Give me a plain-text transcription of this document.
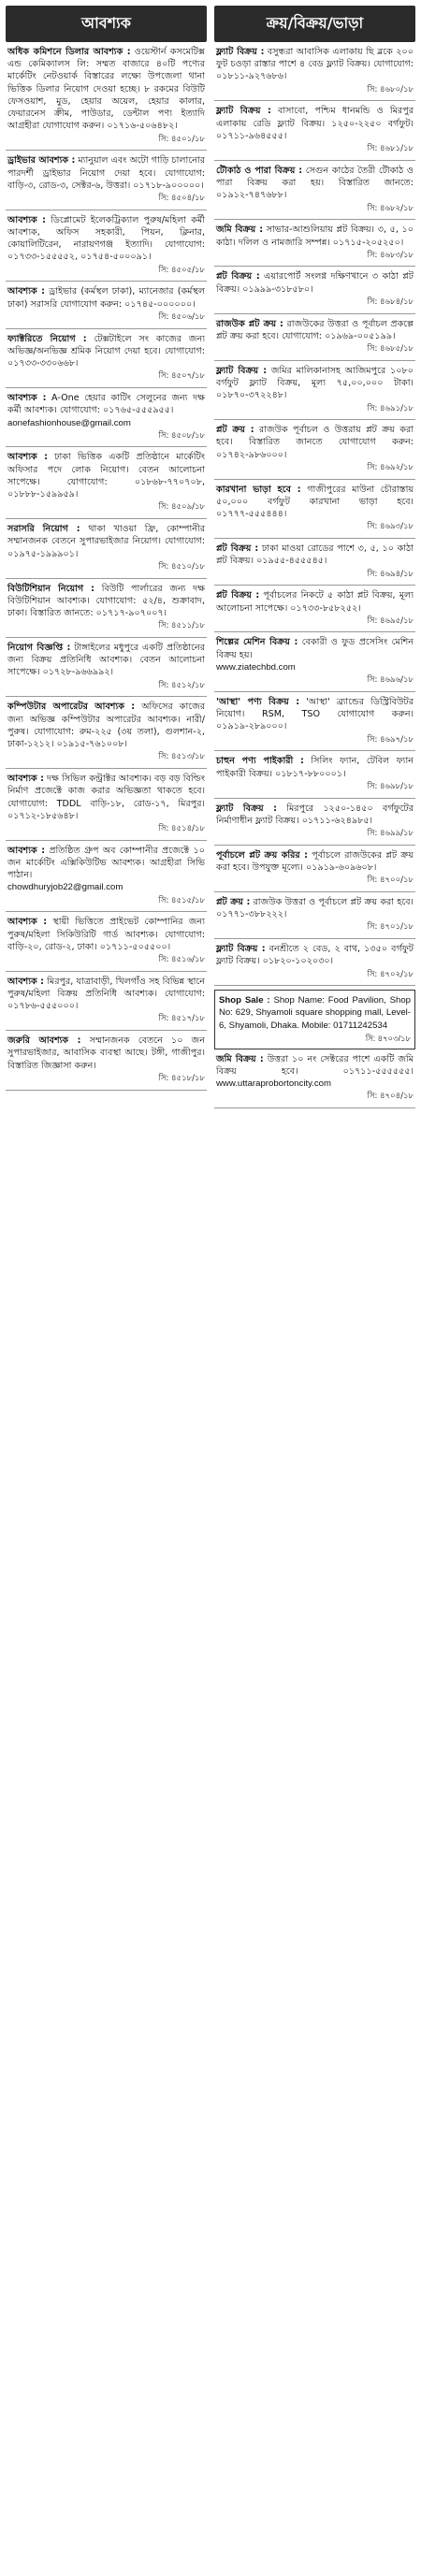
আবশ্যক
অধিক কমিশনে ডিলার আবশ্যক : ওয়েস্টার্ন কসমেটিক্স এন্ড কেমিক্যালস লি: সম্মত বাজারে ৪০টি পণ্যের মার্কেটিং নেটওয়ার্ক বিস্তারের লক্ষ্যে উপজেলা থানা ভিত্তিক ডিলার নিয়োগ দেওয়া হচ্ছে। ৮ রকমের বিউটি ফেসওয়াশ, মুড, হেয়ার অয়েল, হেয়ার কালার, ফেয়ারনেস ক্রীম, পাউডার, ডেন্টাল পণ্য ইত্যাদি আগ্রহীরা যোগাযোগ করুন। ০১৭১৬-৫০৬৪৮২।
সি: ৪৫০১/১৮
ড্রাইভার আবশ্যক : ম্যানুয়াল এবং অটো গাড়ি চালানোর পারদর্শী ড্রাইভার নিয়োগ দেয়া হবে। যোগাযোগ: বাড়ি-৩, রোড-৩, সেক্টর-৬, উত্তরা। ০১৭১৮-৯০০০০০।
সি: ৪৫০৪/১৮
আবশ্যক : ডিপ্লোমেট ইলেকট্রিক্যাল পুরুষ/মহিলা কর্মী আবশ্যক, অফিস সহকারী, পিয়ন, ক্লিনার, কোয়ালিটিরেন, নারায়ণগঞ্জ ইত্যাদি। যোগাযোগ: ০১৭৩৩-১৫৫৫৫২, ০১৭৫৪-৫০০০৯১।
সি: ৪৫০৫/১৮
আবশ্যক : ড্রাইভার (কর্মস্থল ঢাকা), ম্যানেজার (কর্মস্থল ঢাকা) সরাসরি যোগাযোগ করুন: ০১৭৪৫-০০০০০০।
সি: ৪৫০৬/১৮
ফ্যাক্টরিতে নিয়োগ : টেক্সটাইলে সং কাজের জন্য অভিজ্ঞ/অনভিজ্ঞ শ্রমিক নিয়োগ দেয়া হবে। যোগাযোগ: ০১৭৩৩-৩৩০৬৬৮।
সি: ৪৫০৭/১৮
আবশ্যক : A-One হেয়ার কাটিং সেলুনের জন্য দক্ষ কর্মী আবশ্যক। যোগাযোগ: ০১৭৬৫-৫৫৫৯৫৫।
aonefashionhouse@gmail.com
সি: ৪৫০৮/১৮
আবশ্যক : ঢাকা ভিত্তিক একটি প্রতিষ্ঠানে মার্কেটিং অফিসার পদে লোক নিয়োগ। বেতন আলোচনা সাপেক্ষে। যোগাযোগ: ০১৮৬৮-৭৭০৭০৮, ০১৮৮৮-১৫৯৯৫৯।
সি: ৪৫০৯/১৮
সরাসরি নিয়োগ : থাকা খাওয়া ফ্রি, কোম্পানীর সম্মানজনক বেতনে সুপারভাইজার নিয়োগ। যোগাযোগ: ০১৯৭৫-১৯৯৯০১।
সি: ৪৫১০/১৮
বিউটিশিয়ান নিয়োগ : বিউটি পার্লারের জন্য দক্ষ বিউটিশিয়ান আবশ্যক। যোগাযোগ: ৫২/৪, শুক্রাবাদ, ঢাকা। বিস্তারিত জানতে: ০১৭১৭-৯০৭০০৭।
সি: ৪৫১১/১৮
নিয়োগ বিজ্ঞপ্তি : টাঙ্গাইলের মধুপুরে একটি প্রতিষ্ঠানের জন্য বিক্রয় প্রতিনিধি আবশ্যক। বেতন আলোচনা সাপেক্ষে। ০১৭২৮-৯৬৬৯৯২।
সি: ৪৫১২/১৮
কম্পিউটার অপারেটর আবশ্যক : অফিসের কাজের জন্য অভিজ্ঞ কম্পিউটার অপারেটর আবশ্যক। নারী/পুরুষ। যোগাযোগ: রুম-২২৫ (৩য় তলা), গুলশান-২, ঢাকা-১২১২। ০১৯১৫-৭৬১০০৮।
সি: ৪৫১৩/১৮
আবশ্যক : দক্ষ সিভিল কন্ট্রাক্টর আবশ্যক। বড় বড় বিল্ডিং নির্মাণ প্রজেক্টে কাজ করার অভিজ্ঞতা থাকতে হবে। যোগাযোগ: TDDL বাড়ি-১৮, রোড-১৭, মিরপুর। ০১৭১২-১৮৫৬৪৮।
সি: ৪৫১৪/১৮
আবশ্যক : প্রতিষ্ঠিত গ্রুপ অব কোম্পানীর প্রজেক্টে ১০ জন মার্কেটিং এক্সিকিউটিভ আবশ্যক। আগ্রহীরা সিভি পাঠান।
chowdhuryjob22@gmail.com
সি: ৪৫১৫/১৮
আবশ্যক : স্থায়ী ভিত্তিতে প্রাইভেট কোম্পানির জন্য পুরুষ/মহিলা সিকিউরিটি গার্ড আবশ্যক। যোগাযোগ: বাড়ি-২০, রোড-২, ঢাকা। ০১৭১১-৫০৫৫০০।
সি: ৪৫১৬/১৮
আবশ্যক : মিরপুর, যাত্রাবাড়ী, খিলগাঁও সহ বিভিন্ন স্থানে পুরুষ/মহিলা বিক্রয় প্রতিনিধি আবশ্যক। যোগাযোগ: ০১৭৮৬-৫৫৫০০০।
সি: ৪৫১৭/১৮
জরুরি আবশ্যক : সম্মানজনক বেতনে ১০ জন সুপারভাইজার, আবাসিক ব্যবস্থা আছে। টঙ্গী, গাজীপুর। বিস্তারিত জিজ্ঞাসা করুন।
সি: ৪৫১৮/১৮
ক্রয়/বিক্রয়/ভাড়া
ফ্ল্যাট বিক্রয় : বসুন্ধরা আবাসিক এলাকায় ছি ব্লকে ২০০ ফুট চওড়া রাস্তার পাশে ৪ বেড ফ্ল্যাট বিক্রয়। যোগাযোগ: ০১৮১১-৯২৭৬৮৬।
সি: ৪৬৮০/১৮
ফ্ল্যাট বিক্রয় : বাসাবো, পশ্চিম ধানমন্ডি ও মিরপুর এলাকায় রেডি ফ্ল্যাট বিক্রয়। ১২৫০-২২৫০ বর্গফুট। ০১৭১১-৯৬৪৫৫৫।
সি: ৪৬৮১/১৮
টৌকাঠ ও পারা বিক্রয় : সেগুন কাঠের তৈরী টৌকাঠ ও পারা বিক্রয় করা হয়। বিস্তারিত জানতে: ০১৯১২-৭৪৭৬৮৮।
সি: ৪৬৮২/১৮
জমি বিক্রয় : সাভার-আশুলিয়ায় প্লট বিক্রয়। ৩, ৫, ১০ কাঠা। দলিল ও নামজারি সম্পন্ন। ০১৭১৫-২০৫২৫০।
সি: ৪৬৮৩/১৮
প্লট বিক্রয় : এয়ারপোর্ট সংলগ্ন দক্ষিণখানে ৩ কাঠা প্লট বিক্রয়। ০১৯৯৯-৩১৮৫৮০।
সি: ৪৬৮৪/১৮
রাজউক প্লট ক্রয় : রাজউকের উত্তরা ও পূর্বাচল প্রকল্পে প্লট ক্রয় করা হবে। যোগাযোগ: ০১৯৬৯-০০৫১৯৯।
সি: ৪৬৮৫/১৮
ফ্ল্যাট বিক্রয় : জমির মালিকানাসহ আজিমপুরে ১০৮০ বর্গফুট ফ্ল্যাট বিক্রয়, মূল্য ৭৫,০০,০০০ টাকা। ০১৮৭০-৩৭২২৪৮।
সি: ৪৬৯১/১৮
প্লট ক্রয় : রাজউক পূর্বাচল ও উত্তরায় প্লট ক্রয় করা হবে। বিস্তারিত জানতে যোগাযোগ করুন: ০১৭৪২-৯৮৬০০০।
সি: ৪৬৯২/১৮
কারখানা ভাড়া হবে : গাজীপুরের মাউনা চৌরাস্তায় ৫০,০০০ বর্গফুট কারখানা ভাড়া হবে। ০১৭৭৭-৫৫৫৪৪৪।
সি: ৪৬৯৩/১৮
প্লট বিক্রয় : ঢাকা মাওয়া রোডের পাশে ৩, ৫, ১০ কাঠা প্লট বিক্রয়। ০১৯৫৫-৪৫৫৫৪৫।
সি: ৪৬৯৪/১৮
প্লট বিক্রয় : পূর্বাচলের নিকটে ৫ কাঠা প্লট বিক্রয়, মূল্য আলোচনা সাপেক্ষে। ০১৭৩৩-৮৫৮২৫২।
সি: ৪৬৯৫/১৮
শিল্পের মেশিন বিক্রয় : বেকারী ও ফুড প্রসেসিং মেশিন বিক্রয় হয়।
www.ziatechbd.com
সি: ৪৬৯৬/১৮
'আস্থা' পণ্য বিক্রয় : 'আস্থা' ব্র্যান্ডের ডিস্ট্রিবিউটর নিয়োগ। RSM, TSO যোগাযোগ করুন। ০১৯১৯-২৮৯০০০।
সি: ৪৬৯৭/১৮
চাহুন পণ্য পাইকারী : সিলিং ফ্যান, টেবিল ফ্যান পাইকারী বিক্রয়। ০১৮১৭-৮৮০০০১।
সি: ৪৬৯৮/১৮
ফ্ল্যাট বিক্রয় : মিরপুরে ১২৫০-১৪৫০ বর্গফুটের নির্মাণাধীন ফ্ল্যাট বিক্রয়। ০১৭১১-৬২৪৯৮৫।
সি: ৪৬৯৯/১৮
পূর্বাচলে প্লট ক্রয় করির : পূর্বাচলে রাজউকের প্লট ক্রয় করা হবে। উপযুক্ত মূল্যে। ০১৯১৯-৬০৯৬০৮।
সি: ৪৭০০/১৮
প্লট ক্রয় : রাজউক উত্তরা ও পূর্বাচলে প্লট ক্রয় করা হবে। ০১৭৭১-৩৮৮২২২।
সি: ৪৭০১/১৮
ফ্ল্যাট বিক্রয় : বনশ্রীতে ২ বেড, ২ বাথ, ১৩৫০ বর্গফুট ফ্ল্যাট বিক্রয়। ০১৮২০-১০২০৩০।
সি: ৪৭০২/১৮
Shop Sale : Shop Name: Food Pavilion, Shop No: 629, Shyamoli square shopping mall, Level-6, Shyamoli, Dhaka. Mobile: 01711242534
সি: ৪৭০৩/১৮
জমি বিক্রয় : উত্তরা ১০ নং সেক্টরের পাশে একটি জমি বিক্রয় হবে। ০১৭১১-৫৫৫৫৫৫। www.uttaraprobortoncity.com
সি: ৪৭০৪/১৮
